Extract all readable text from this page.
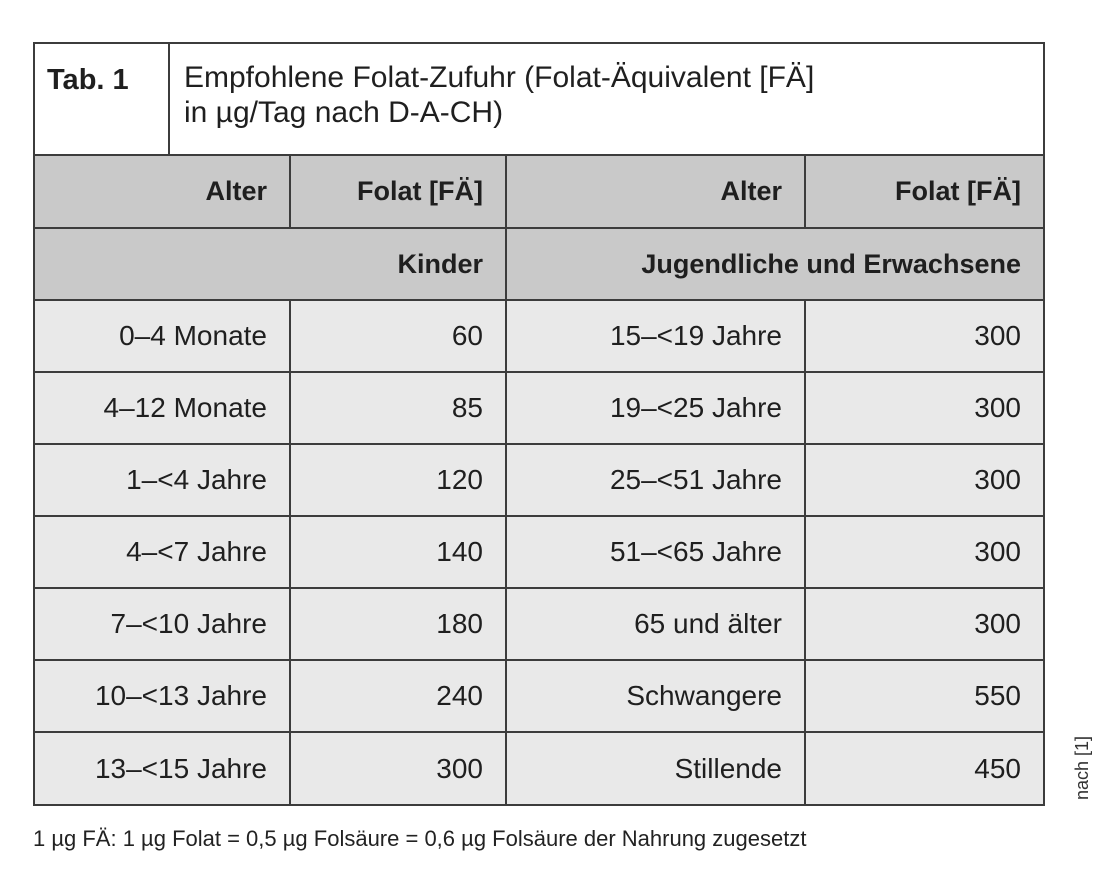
Tab. 1	Empfohlene Folat-Zufuhr (Folat-Äquivalent [FÄ]
in µg/Tag nach D-A-CH)
Alter	Folat [FÄ]	Alter	Folat [FÄ]
Kinder		Jugendliche und Erwachsene	
0–4 Monate	60	15–<19 Jahre	300
4–12 Monate	85	19–<25 Jahre	300
1–<4 Jahre	120	25–<51 Jahre	300
4–<7 Jahre	140	51–<65 Jahre	300
7–<10 Jahre	180	65 und älter	300
10–<13 Jahre	240	Schwangere	550
13–<15 Jahre	300	Stillende	450	nach [1]
1 µg FÄ: 1 µg Folat = 0,5 µg Folsäure = 0,6 µg Folsäure der Nahrung zugesetzt
